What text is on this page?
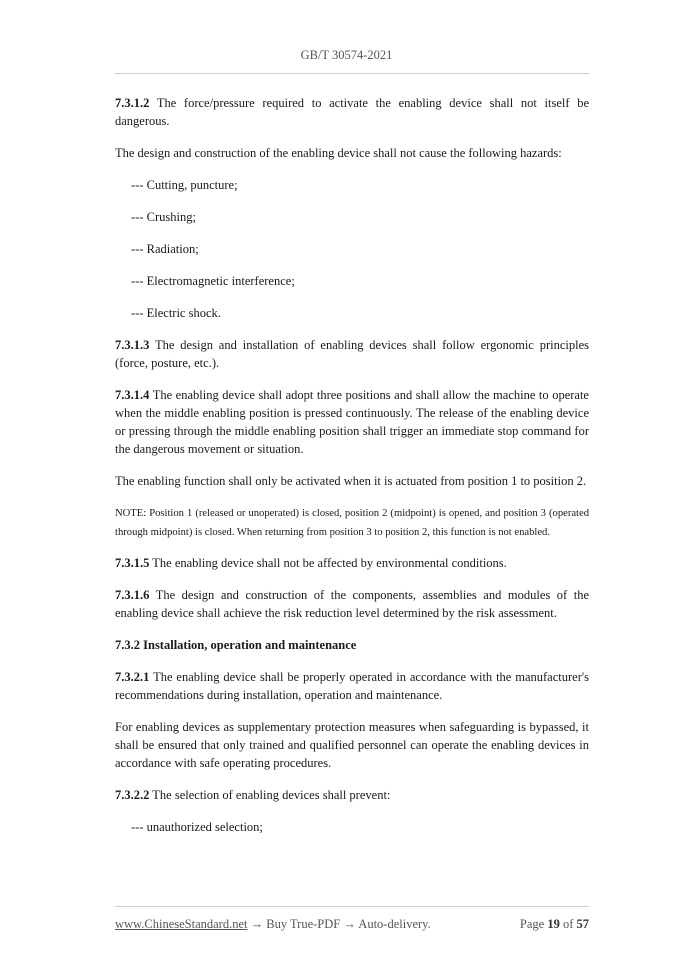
GB/T 30574-2021

7.3.1.2 The force/pressure required to activate the enabling device shall not itself be dangerous.

The design and construction of the enabling device shall not cause the following hazards:

--- Cutting, puncture;

--- Crushing;

--- Radiation;

--- Electromagnetic interference;

--- Electric shock.

7.3.1.3 The design and installation of enabling devices shall follow ergonomic principles (force, posture, etc.).

7.3.1.4 The enabling device shall adopt three positions and shall allow the machine to operate when the middle enabling position is pressed continuously. The release of the enabling device or pressing through the middle enabling position shall trigger an immediate stop command for the dangerous movement or situation.

The enabling function shall only be activated when it is actuated from position 1 to position 2.

NOTE: Position 1 (released or unoperated) is closed, position 2 (midpoint) is opened, and position 3 (operated through midpoint) is closed. When returning from position 3 to position 2, this function is not enabled.

7.3.1.5 The enabling device shall not be affected by environmental conditions.

7.3.1.6 The design and construction of the components, assemblies and modules of the enabling device shall achieve the risk reduction level determined by the risk assessment.

7.3.2 Installation, operation and maintenance

7.3.2.1 The enabling device shall be properly operated in accordance with the manufacturer's recommendations during installation, operation and maintenance.

For enabling devices as supplementary protection measures when safeguarding is bypassed, it shall be ensured that only trained and qualified personnel can operate the enabling devices in accordance with safe operating procedures.

7.3.2.2 The selection of enabling devices shall prevent:

--- unauthorized selection;

www.ChineseStandard.net → Buy True-PDF → Auto-delivery.	Page 19 of 57
